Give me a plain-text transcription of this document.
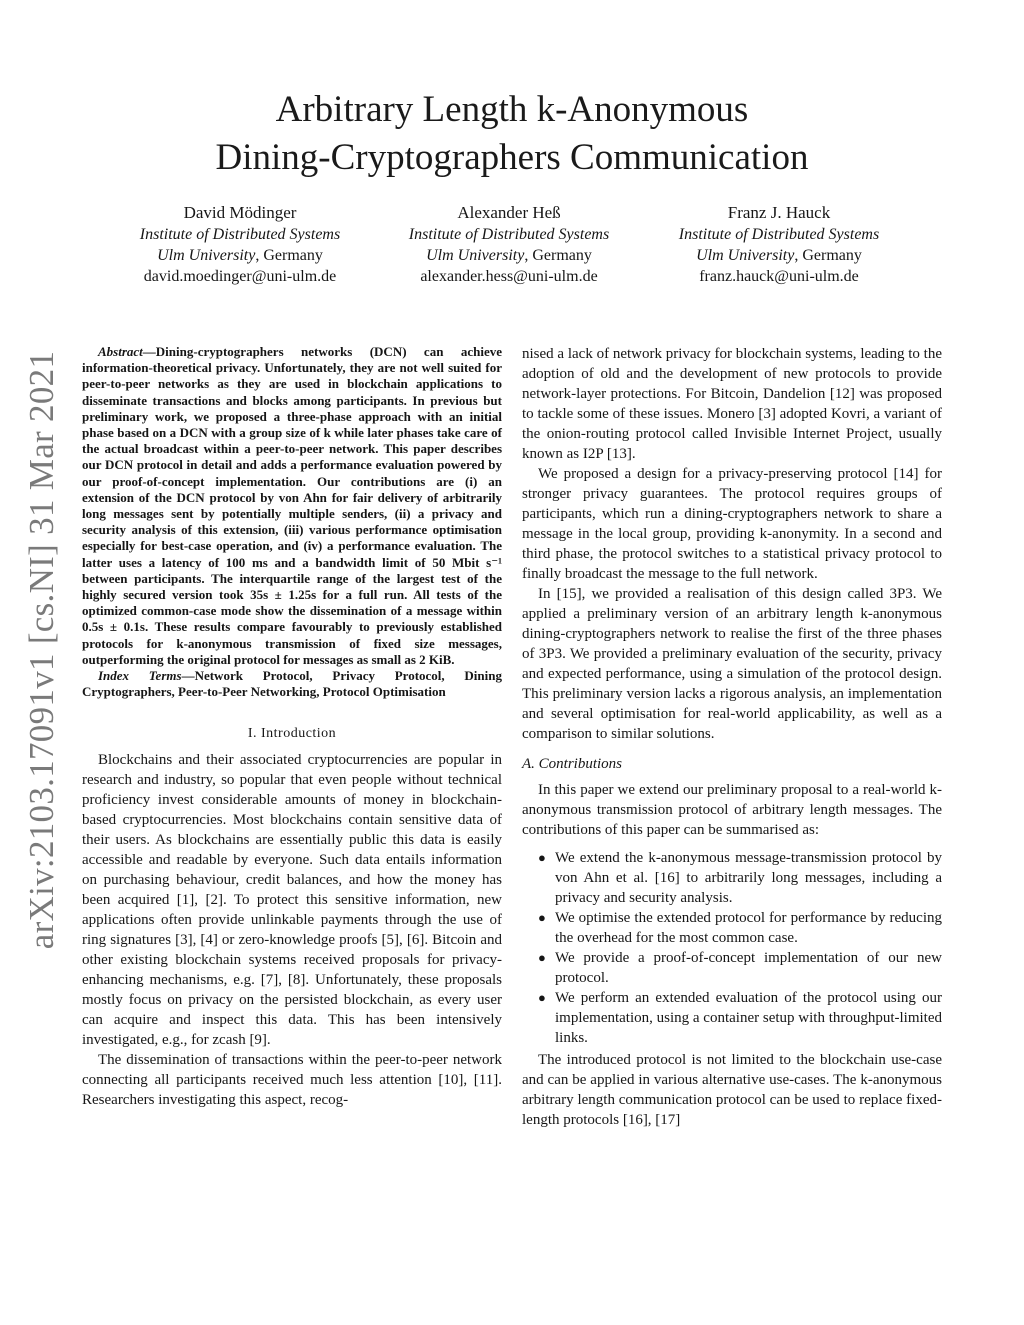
arXiv:2103.17091v1 [cs.NI] 31 Mar 2021
Arbitrary Length k-Anonymous
Dining-Cryptographers Communication
David Mödinger
Institute of Distributed Systems
Ulm University, Germany
david.moedinger@uni-ulm.de
Alexander Heß
Institute of Distributed Systems
Ulm University, Germany
alexander.hess@uni-ulm.de
Franz J. Hauck
Institute of Distributed Systems
Ulm University, Germany
franz.hauck@uni-ulm.de

Abstract—Dining-cryptographers networks (DCN) can achieve information-theoretical privacy. Unfortunately, they are not well suited for peer-to-peer networks as they are used in blockchain applications to disseminate transactions and blocks among participants. In previous but preliminary work, we proposed a three-phase approach with an initial phase based on a DCN with a group size of k while later phases take care of the actual broadcast within a peer-to-peer network. This paper describes our DCN protocol in detail and adds a performance evaluation powered by our proof-of-concept implementation. Our contributions are (i) an extension of the DCN protocol by von Ahn for fair delivery of arbitrarily long messages sent by potentially multiple senders, (ii) a privacy and security analysis of this extension, (iii) various performance optimisation especially for best-case operation, and (iv) a performance evaluation. The latter uses a latency of 100 ms and a bandwidth limit of 50 Mbit s⁻¹ between participants. The interquartile range of the largest test of the highly secured version took 35s ± 1.25s for a full run. All tests of the optimized common-case mode show the dissemination of a message within 0.5s ± 0.1s. These results compare favourably to previously established protocols for k-anonymous transmission of fixed size messages, outperforming the original protocol for messages as small as 2 KiB.

Index Terms—Network Protocol, Privacy Protocol, Dining Cryptographers, Peer-to-Peer Networking, Protocol Optimisation

I. Introduction

Blockchains and their associated cryptocurrencies are popular in research and industry, so popular that even people without technical proficiency invest considerable amounts of money in blockchain-based cryptocurrencies. Most blockchains contain sensitive data of their users. As blockchains are essentially public this data is easily accessible and readable by everyone. Such data entails information on purchasing behaviour, credit balances, and how the money has been acquired [1], [2]. To protect this sensitive information, new applications often provide unlinkable payments through the use of ring signatures [3], [4] or zero-knowledge proofs [5], [6]. Bitcoin and other existing blockchain systems received proposals for privacy-enhancing mechanisms, e.g. [7], [8]. Unfortunately, these proposals mostly focus on privacy on the persisted blockchain, as every user can acquire and inspect this data. This has been intensively investigated, e.g., for zcash [9].

The dissemination of transactions within the peer-to-peer network connecting all participants received much less attention [10], [11]. Researchers investigating this aspect, recog-

nised a lack of network privacy for blockchain systems, leading to the adoption of old and the development of new protocols to provide network-layer protections. For Bitcoin, Dandelion [12] was proposed to tackle some of these issues. Monero [3] adopted Kovri, a variant of the onion-routing protocol called Invisible Internet Project, usually known as I2P [13].

We proposed a design for a privacy-preserving protocol [14] for stronger privacy guarantees. The protocol requires groups of participants, which run a dining-cryptographers network to share a message in the local group, providing k-anonymity. In a second and third phase, the protocol switches to a statistical privacy protocol to finally broadcast the message to the full network.

In [15], we provided a realisation of this design called 3P3. We applied a preliminary version of an arbitrary length k-anonymous dining-cryptographers network to realise the first of the three phases of 3P3. We provided a preliminary evaluation of the security, privacy and expected performance, using a simulation of the protocol design. This preliminary version lacks a rigorous analysis, an implementation and several optimisation for real-world applicability, as well as a comparison to similar solutions.

A. Contributions

In this paper we extend our preliminary proposal to a real-world k-anonymous transmission protocol of arbitrary length messages. The contributions of this paper can be summarised as:

● We extend the k-anonymous message-transmission protocol by von Ahn et al. [16] to arbitrarily long messages, including a privacy and security analysis.
● We optimise the extended protocol for performance by reducing the overhead for the most common case.
● We provide a proof-of-concept implementation of our new protocol.
● We perform an extended evaluation of the protocol using our implementation, using a container setup with throughput-limited links.

The introduced protocol is not limited to the blockchain use-case and can be applied in various alternative use-cases. The k-anonymous arbitrary length communication protocol can be used to replace fixed-length protocols [16], [17]
